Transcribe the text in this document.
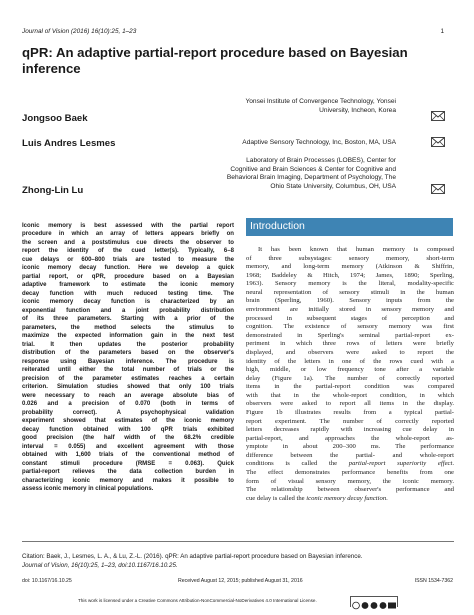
Journal of Vision (2016) 16(10):25, 1–23	1
qPR: An adaptive partial-report procedure based on Bayesian inference
Jongsoo Baek
Yonsei Institute of Convergence Technology, Yonsei
University, Incheon, Korea
Luis Andres Lesmes	Adaptive Sensory Technology, Inc, Boston, MA, USA
Zhong-Lin Lu
Laboratory of Brain Processes (LOBES), Center for
Cognitive and Brain Sciences & Center for Cognitive and
Behavioral Brain Imaging, Department of Psychology, The
Ohio State University, Columbus, OH, USA
Iconic memory is best assessed with the partial report
procedure in which an array of letters appears briefly on
the screen and a poststimulus cue directs the observer to
report the identity of the cued letter(s). Typically, 6–8
cue delays or 600–800 trials are tested to measure the
iconic memory decay function. Here we develop a quick
partial report, or qPR, procedure based on a Bayesian
adaptive framework to estimate the iconic memory
decay function with much reduced testing time. The
iconic memory decay function is characterized by an
exponential function and a joint probability distribution
of its three parameters. Starting with a prior of the
parameters, the method selects the stimulus to
maximize the expected information gain in the next test
trial. It then updates the posterior probability
distribution of the parameters based on the observer's
response using Bayesian inference. The procedure is
reiterated until either the total number of trials or the
precision of the parameter estimates reaches a certain
criterion. Simulation studies showed that only 100 trials
were necessary to reach an average absolute bias of
0.026 and a precision of 0.070 (both in terms of
probability correct). A psychophysical validation
experiment showed that estimates of the iconic memory
decay function obtained with 100 qPR trials exhibited
good precision (the half width of the 68.2% credible
interval = 0.055) and excellent agreement with those
obtained with 1,600 trials of the conventional method of
constant stimuli procedure (RMSE = 0.063). Quick
partial-report relieves the data collection burden in
characterizing iconic memory and makes it possible to
assess iconic memory in clinical populations.
Introduction
It has been known that human memory is composed
of three subsystages: sensory memory, short-term
memory, and long-term memory (Atkinson & Shiffrin,
1968; Baddeley & Hitch, 1974; James, 1890; Sperling,
1963). Sensory memory is the literal, modality-specific
neural representation of sensory stimuli in the human
brain (Sperling, 1960). Sensory inputs from the
environment are initially stored in sensory memory and
processed in subsequent stages of perception and
cognition. The existence of sensory memory was first
demonstrated in Sperling's seminal partial-report ex-
periment in which three rows of letters were briefly
displayed, and observers were asked to report the
identity of the letters in one of the rows cued with a
high, middle, or low frequency tone after a variable
delay (Figure 1a). The number of correctly reported
items in the partial-report condition was compared
with that in the whole-report condition, in which
observers were asked to report all items in the display.
Figure 1b illustrates results from a typical partial-
report experiment. The number of correctly reported
letters decreases rapidly with increasing cue delay in
partial-report, and approaches the whole-report as-
ymptote in about 200–300 ms. The performance
difference between the partial- and whole-report
conditions is called the partial-report superiority effect.
The effect demonstrates performance benefits from one
form of visual sensory memory, the iconic memory.
The relationship between observer's performance and
cue delay is called the iconic memory decay function.
Citation: Baek, J., Lesmes, L. A., & Lu, Z.-L. (2016). qPR: An adaptive partial-report procedure based on Bayesian inference.
Journal of Vision, 16(10):25, 1–23, doi:10.1167/16.10.25.
doi: 10.1167/16.10.25	Received August 12, 2015; published August 31, 2016	ISSN 1534-7362
This work is licensed under a Creative Commons Attribution-NonCommercial-NoDerivatives 4.0 International License.
